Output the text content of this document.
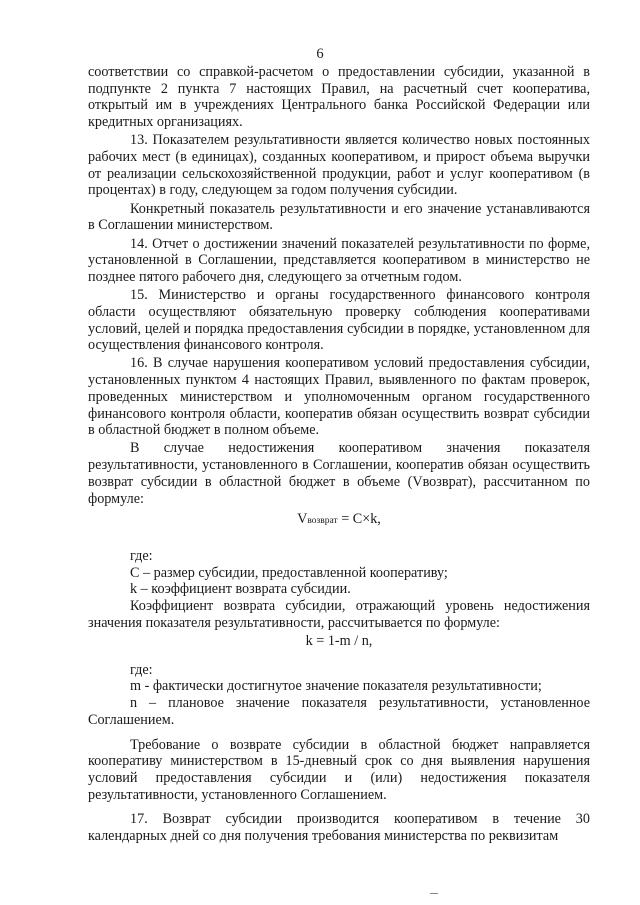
6

соответствии со справкой-расчетом о предоставлении субсидии, указанной в подпункте 2 пункта 7 настоящих Правил, на расчетный счет кооператива, открытый им в учреждениях Центрального банка Российской Федерации или кредитных организациях.

13. Показателем результативности является количество новых постоянных рабочих мест (в единицах), созданных кооперативом, и прирост объема выручки от реализации сельскохозяйственной продукции, работ и услуг кооперативом (в процентах) в году, следующем за годом получения субсидии.

Конкретный показатель результативности и его значение устанавливаются в Соглашении министерством.

14. Отчет о достижении значений показателей результативности по форме, установленной в Соглашении, представляется кооперативом в министерство не позднее пятого рабочего дня, следующего за отчетным годом.

15. Министерство и органы государственного финансового контроля области осуществляют обязательную проверку соблюдения кооперативами условий, целей и порядка предоставления субсидии в порядке, установленном для осуществления финансового контроля.

16. В случае нарушения кооперативом условий предоставления субсидии, установленных пунктом 4 настоящих Правил, выявленного по фактам проверок, проведенных министерством и уполномоченным органом государственного финансового контроля области, кооператив обязан осуществить возврат субсидии в областной бюджет в полном объеме.

В случае недостижения кооперативом значения показателя результативности, установленного в Соглашении, кооператив обязан осуществить возврат субсидии в областной бюджет в объеме (Vвозврат), рассчитанном по формуле:

Vвозврат = C×k,

где:

С – размер субсидии, предоставленной кооперативу;

k – коэффициент возврата субсидии.

Коэффициент возврата субсидии, отражающий уровень недостижения значения показателя результативности, рассчитывается по формуле:

k = 1-m / n,

где:

m - фактически достигнутое значение показателя результативности;

n – плановое значение показателя результативности, установленное Соглашением.

Требование о возврате субсидии в областной бюджет направляется кооперативу министерством в 15-дневный срок со дня выявления нарушения условий предоставления субсидии и (или) недостижения показателя результативности, установленного Соглашением.

17. Возврат субсидии производится кооперативом в течение 30 календарных дней со дня получения требования министерства по реквизитам
